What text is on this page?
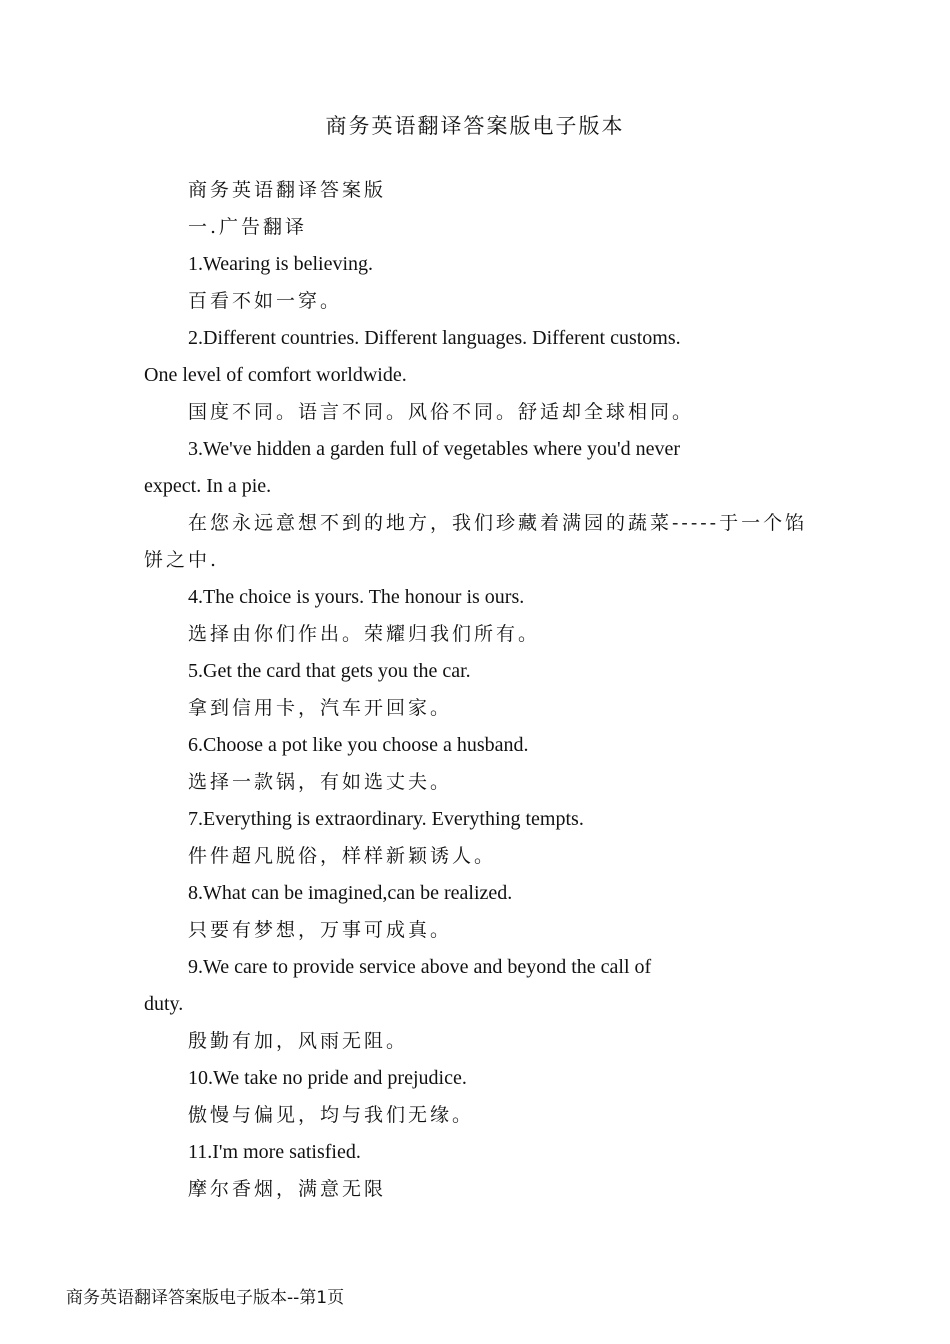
商务英语翻译答案版电子版本
商务英语翻译答案版
一.广告翻译
1.Wearing is believing.
百看不如一穿。
2.Different countries. Different languages. Different customs.
One level of comfort worldwide.
国度不同。语言不同。风俗不同。舒适却全球相同。
3.We've hidden a garden full of vegetables where you'd never
expect. In a pie.
在您永远意想不到的地方，我们珍藏着满园的蔬菜-----于一个馅
饼之中.
4.The choice is yours. The honour is ours.
选择由你们作出。荣耀归我们所有。
5.Get the card that gets you the car.
拿到信用卡，汽车开回家。
6.Choose a pot like you choose a husband.
选择一款锅，有如选丈夫。
7.Everything is extraordinary. Everything tempts.
件件超凡脱俗，样样新颖诱人。
8.What can be imagined,can be realized.
只要有梦想，万事可成真。
9.We care to provide service above and beyond the call of
duty.
殷勤有加，风雨无阻。
10.We take no pride and prejudice.
傲慢与偏见，均与我们无缘。
11.I'm more satisfied.
摩尔香烟，满意无限
商务英语翻译答案版电子版本--第1页
